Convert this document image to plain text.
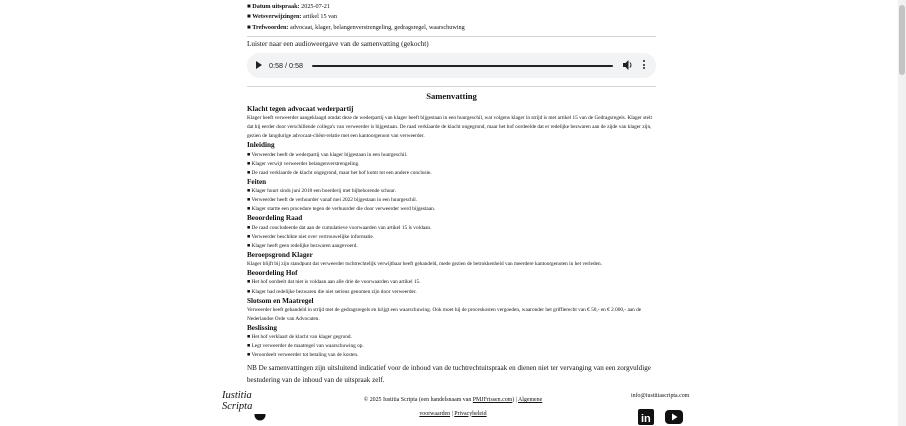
■ Datum uitspraak: 2025-07-21
■ Wetsverwijzingen: artikel 15 van
■ Trefwoorden: advocaat, klager, belangenverstrengeling, gedragsregel, waarschuwing
Luister naar een audioweergave van de samenvatting (gekocht)
0:58 / 0:58
Samenvatting
Klacht tegen advocaat wederpartij

Klager heeft verweerder aangeklaagd omdat deze de wederpartij van klager heeft bijgestaan in een huurgeschil, wat volgens klager in strijd is met artikel 15 van de Gedragsregels. Klager stelt dat hij eerder door verschillende collega's van verweerder is bijgestaan. De raad verklaarde de klacht ongegrond, maar het hof oordeelde dat er redelijke bezwaren aan de zijde van klager zijn, gezien de langdurige advocaat-cliënt-relatie met een kantoorgenoot van verweerder.

Inleiding
■ Verweerder heeft de wederpartij van klager bijgestaan in een huurgeschil.
■ Klager verwijt verweerder belangenverstrengeling.
■ De raad verklaarde de klacht ongegrond, maar het hof komt tot een andere conclusie.
Feiten
■ Klager huurt sinds juni 2018 een boerderij met bijbehorende schuur.
■ Verweerder heeft de verhuurder vanaf mei 2022 bijgestaan in een huurgeschil.
■ Klager startte een procedure tegen de verhuurder die door verweerder werd bijgestaan.
Beoordeling Raad
■ De raad concludeerde dat aan de cumulatieve voorwaarden van artikel 15 is voldaan.
■ Verweerder beschikte niet over vertrouwelijke informatie.
■ Klager heeft geen redelijke bezwaren aangevoerd.
Beroepsgrond Klager

Klager blijft bij zijn standpunt dat verweerder tuchtrechtelijk verwijtbaar heeft gehandeld, mede gezien de betrokkenheid van meerdere kantoorgenoten in het verleden.

Beoordeling Hof
■ Het hof oordeelt dat niet is voldaan aan alle drie de voorwaarden van artikel 15.
■ Klager had redelijke bezwaren die niet serieus genomen zijn door verweerder.
Slotsom en Maatregel

Verweerder heeft gehandeld in strijd met de gedragsregels en krijgt een waarschuwing. Ook moet hij de proceskosten vergoeden, waaronder het griffierecht van € 50,- en € 2.000,- aan de Nederlandse Orde van Advocaten.

Beslissing
■ Het hof verklaart de klacht van klager gegrond.
■ Legt verweerder de maatregel van waarschuwing op.
■ Veroordeelt verweerder tot betaling van de kosten.
NB De samenvattingen zijn uitsluitend indicatief voor de inhoud van de tuchtrechtuitspraak en dienen niet ter vervanging van een zorgvuldige bestudering van de inhoud van de uitspraak zelf.
Iustitia
Scripta
© 2025 Iustitia Scripta (een handelsnaam van PMJFrissen.com) | Algemene
voorwaarden | Privacybeleid
info@iustitiascripta.com
in
